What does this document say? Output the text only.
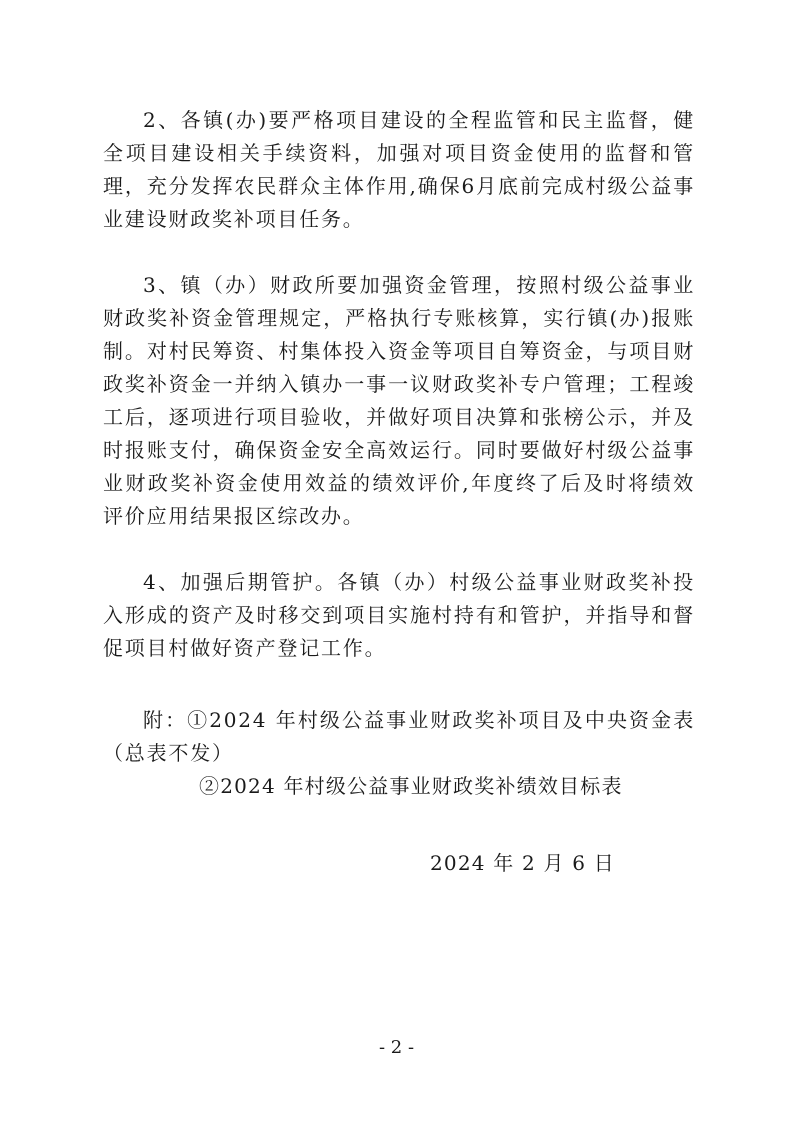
2、各镇(办)要严格项目建设的全程监管和民主监督，健全项目建设相关手续资料，加强对项目资金使用的监督和管理，充分发挥农民群众主体作用,确保6月底前完成村级公益事业建设财政奖补项目任务。

3、镇（办）财政所要加强资金管理，按照村级公益事业财政奖补资金管理规定，严格执行专账核算，实行镇(办)报账制。对村民筹资、村集体投入资金等项目自筹资金，与项目财政奖补资金一并纳入镇办一事一议财政奖补专户管理；工程竣工后，逐项进行项目验收，并做好项目决算和张榜公示，并及时报账支付，确保资金安全高效运行。同时要做好村级公益事业财政奖补资金使用效益的绩效评价,年度终了后及时将绩效评价应用结果报区综改办。

4、加强后期管护。各镇（办）村级公益事业财政奖补投入形成的资产及时移交到项目实施村持有和管护，并指导和督促项目村做好资产登记工作。

附：①2024 年村级公益事业财政奖补项目及中央资金表（总表不发）

②2024 年村级公益事业财政奖补绩效目标表

2024 年 2 月 6 日

- 2 -
